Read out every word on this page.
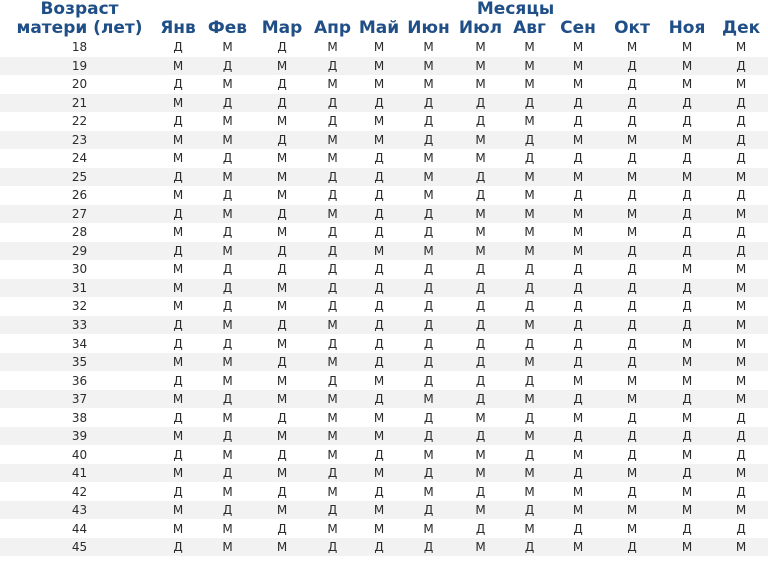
Возраст	Месяцы											
матери (лет)	Янв	Фев	Мар	Апр	Май	Июн	Июл	Авг	Сен	Окт	Ноя	Дек
18	Д	М	Д	М	М	М	М	М	М	М	М	М
19	М	Д	М	Д	М	М	М	М	М	Д	М	Д
20	Д	М	Д	М	М	М	М	М	М	Д	М	М
21	М	Д	Д	Д	Д	Д	Д	Д	Д	Д	Д	Д
22	Д	М	М	Д	М	Д	Д	М	Д	Д	Д	Д
23	М	М	Д	М	М	Д	М	Д	М	М	М	Д
24	М	Д	М	М	Д	М	М	Д	Д	Д	Д	Д
25	Д	М	М	Д	Д	М	Д	М	М	М	М	М
26	М	Д	М	Д	Д	М	Д	М	Д	Д	Д	Д
27	Д	М	Д	М	Д	Д	М	М	М	М	Д	М
28	М	Д	М	Д	Д	Д	М	М	М	М	Д	Д
29	Д	М	Д	Д	М	М	М	М	М	Д	Д	Д
30	М	Д	Д	Д	Д	Д	Д	Д	Д	Д	М	М
31	М	Д	М	Д	Д	Д	Д	Д	Д	Д	Д	М
32	М	Д	М	Д	Д	Д	Д	Д	Д	Д	Д	М
33	Д	М	Д	М	Д	Д	Д	М	Д	Д	Д	М
34	Д	Д	М	Д	Д	Д	Д	Д	Д	Д	М	М
35	М	М	Д	М	Д	Д	Д	М	Д	Д	М	М
36	Д	М	М	Д	М	Д	Д	Д	М	М	М	М
37	М	Д	М	М	Д	М	Д	М	Д	М	Д	М
38	Д	М	Д	М	М	Д	М	Д	М	Д	М	Д
39	М	Д	М	М	М	Д	Д	М	Д	Д	Д	Д
40	Д	М	Д	М	Д	М	М	Д	М	Д	М	Д
41	М	Д	М	Д	М	Д	М	М	Д	М	Д	М
42	Д	М	Д	М	Д	М	Д	М	М	Д	М	Д
43	М	Д	М	Д	М	Д	М	Д	М	М	М	М
44	М	М	Д	М	М	М	Д	М	Д	М	Д	Д
45	Д	М	М	Д	Д	Д	М	Д	М	Д	М	М
